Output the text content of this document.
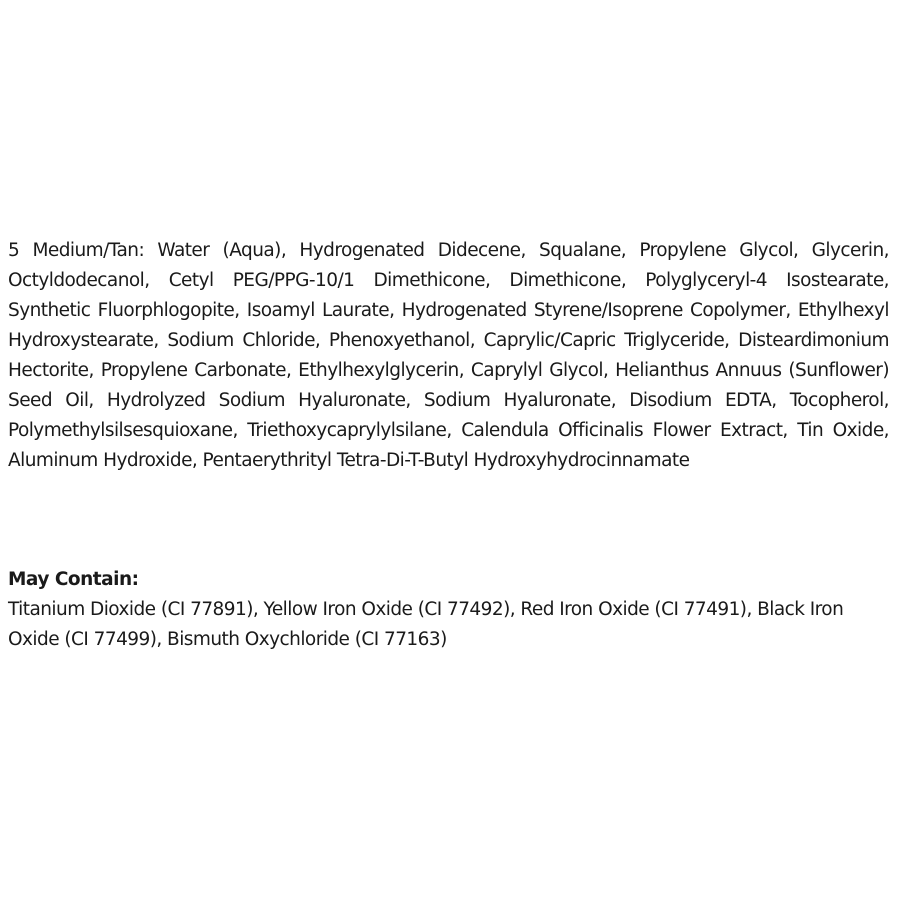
5 Medium/Tan: Water (Aqua), Hydrogenated Didecene, Squalane, Propylene Glycol, Glycerin, Octyldodecanol, Cetyl PEG/PPG-10/1 Dimethicone, Dimethicone, Polyglyceryl-4 Isostearate, Synthetic Fluorphlogopite, Isoamyl Laurate, Hydrogenated Styrene/Isoprene Copolymer, Ethylhexyl Hydroxystearate, Sodium Chloride, Phenoxyethanol, Caprylic/Capric Triglyceride, Disteardimonium Hectorite, Propylene Carbonate, Ethylhexylglycerin, Caprylyl Glycol, Helianthus Annuus (Sunflower) Seed Oil, Hydrolyzed Sodium Hyaluronate, Sodium Hyaluronate, Disodium EDTA, Tocopherol, Polymethylsilsesquioxane, Triethoxycaprylylsilane, Calendula Officinalis Flower Extract, Tin Oxide, Aluminum Hydroxide, Pentaerythrityl Tetra-Di-T-Butyl Hydroxyhydrocinnamate

May Contain:

Titanium Dioxide (CI 77891), Yellow Iron Oxide (CI 77492), Red Iron Oxide (CI 77491), Black Iron Oxide (CI 77499), Bismuth Oxychloride (CI 77163)
